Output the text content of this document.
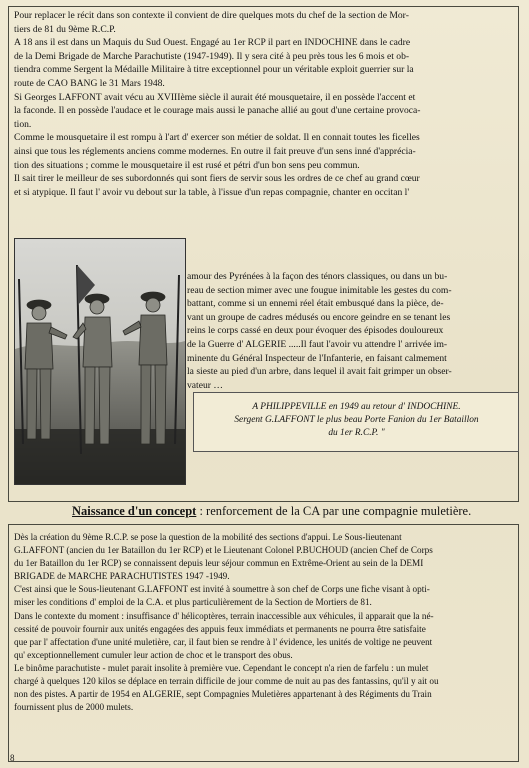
Pour replacer le récit dans son contexte il convient de dire quelques mots du chef de la section de Mor-

tiers de 81 du 9ème R.C.P.

A 18 ans il est dans un Maquis du Sud Ouest. Engagé au 1er RCP il part en INDOCHINE dans le cadre

de la Demi Brigade de Marche Parachutiste (1947-1949). Il y sera cité à peu près tous les 6 mois et ob-

tiendra comme Sergent la Médaille Militaire à titre exceptionnel pour un véritable exploit guerrier sur la

route de CAO BANG le 31 Mars 1948.

Si Georges LAFFONT avait vécu au XVIIIème siècle il aurait été mousquetaire, il en possède l'accent et

la faconde. Il en possède l'audace et le courage mais aussi le panache allié au gout d'une certaine provoca-

tion.

Comme le mousquetaire il est rompu à l'art d' exercer son métier de soldat. Il en connait toutes les ficelles

ainsi que tous les réglements anciens comme modernes. En outre il fait preuve d'un sens inné d'apprécia-

tion des situations ; comme le mousquetaire il est rusé et pétri d'un bon sens peu commun.

Il sait tirer le meilleur de ses subordonnés qui sont fiers de servir sous les ordres de ce chef au grand cœur

et si atypique. Il faut l' avoir vu debout sur la table, à l'issue d'un repas compagnie, chanter en occitan l'

amour des Pyrénées à la façon des ténors classiques, ou dans un bu-
reau de section mimer avec une fougue inimitable les gestes du com-
battant, comme si un ennemi réel était embusqué dans la pièce, de-
vant un groupe de cadres médusés ou encore geindre en se tenant les
reins le corps cassé en deux pour évoquer des épisodes douloureux
de la Guerre d' ALGERIE .....Il faut l'avoir vu attendre l' arrivée im-
minente du Général Inspecteur de l'Infanterie, en faisant calmement
la sieste au pied d'un arbre, dans lequel il avait fait grimper un obser-
vateur …
A PHILIPPEVILLE en 1949 au retour d' INDOCHINE.
Sergent G.LAFFONT le plus beau Porte Fanion du 1er Bataillon
du 1er R.C.P. "
Naissance d'un concept : renforcement de la CA par une compagnie muletière.

Dès la création du 9ème R.C.P. se pose la question de la mobilité des sections d'appui. Le Sous-lieutenant

G.LAFFONT (ancien du 1er Bataillon du 1er RCP) et le Lieutenant Colonel P.BUCHOUD (ancien Chef de Corps

du 1er Bataillon du 1er RCP) se connaissent depuis leur séjour commun en Extrême-Orient au sein de la DEMI

BRIGADE de MARCHE PARACHUTISTES 1947 -1949.

C'est ainsi que le Sous-lieutenant G.LAFFONT est invité à soumettre à son chef de Corps une fiche visant à opti-

miser les conditions d' emploi de la C.A. et plus particulièrement de la Section de Mortiers de 81.

Dans le contexte du moment : insuffisance d' hélicoptères, terrain inaccessible aux véhicules, il apparait que la né-

cessité de pouvoir fournir aux unités engagées des appuis feux immédiats et permanents ne pourra être satisfaite

que par l' affectation d'une unité muletière, car, il faut bien se rendre à l' évidence, les unités de voltige ne peuvent

qu' exceptionnellement cumuler leur action de choc et le transport des obus.

Le binôme parachutiste - mulet parait insolite à première vue. Cependant le concept n'a rien de farfelu : un mulet

chargé à quelques 120 kilos se déplace en terrain difficile de jour comme de nuit au pas des fantassins, qu'il y ait ou

non des pistes. A partir de 1954 en ALGERIE, sept Compagnies Muletières appartenant à des Régiments du Train

fournissent plus de 2000 mulets.

8
